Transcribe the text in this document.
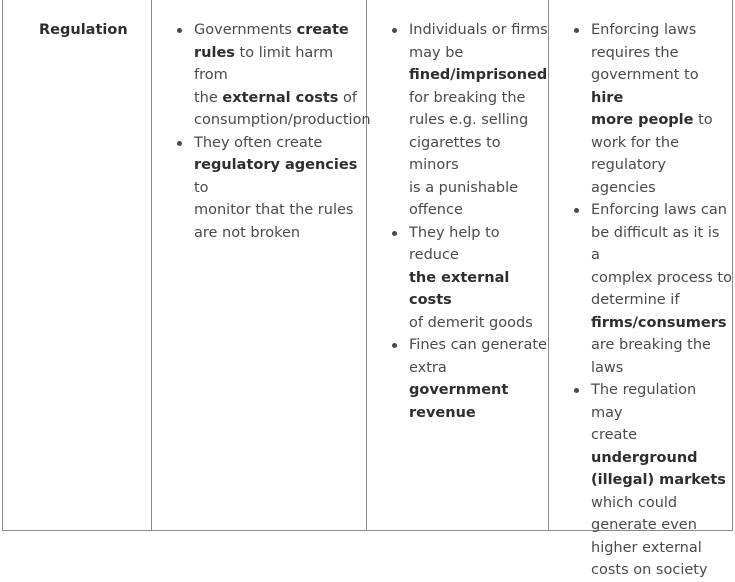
Regulation	Governments create
rules to limit harm from
the external costs of
consumption/production
They often create
regulatory agencies to
monitor that the rules
are not broken
Individuals or firms
may be
fined/imprisoned
for breaking the
rules e.g. selling
cigarettes to minors
is a punishable
offence
They help to reduce
the external costs
of demerit goods
Fines can generate
extra government
revenue
Enforcing laws
requires the
government to hire
more people to
work for the
regulatory agencies
Enforcing laws can
be difficult as it is a
complex process to
determine if
firms/consumers
are breaking the
laws
The regulation may
create
underground
(illegal) markets
which could
generate even
higher external
costs on society
